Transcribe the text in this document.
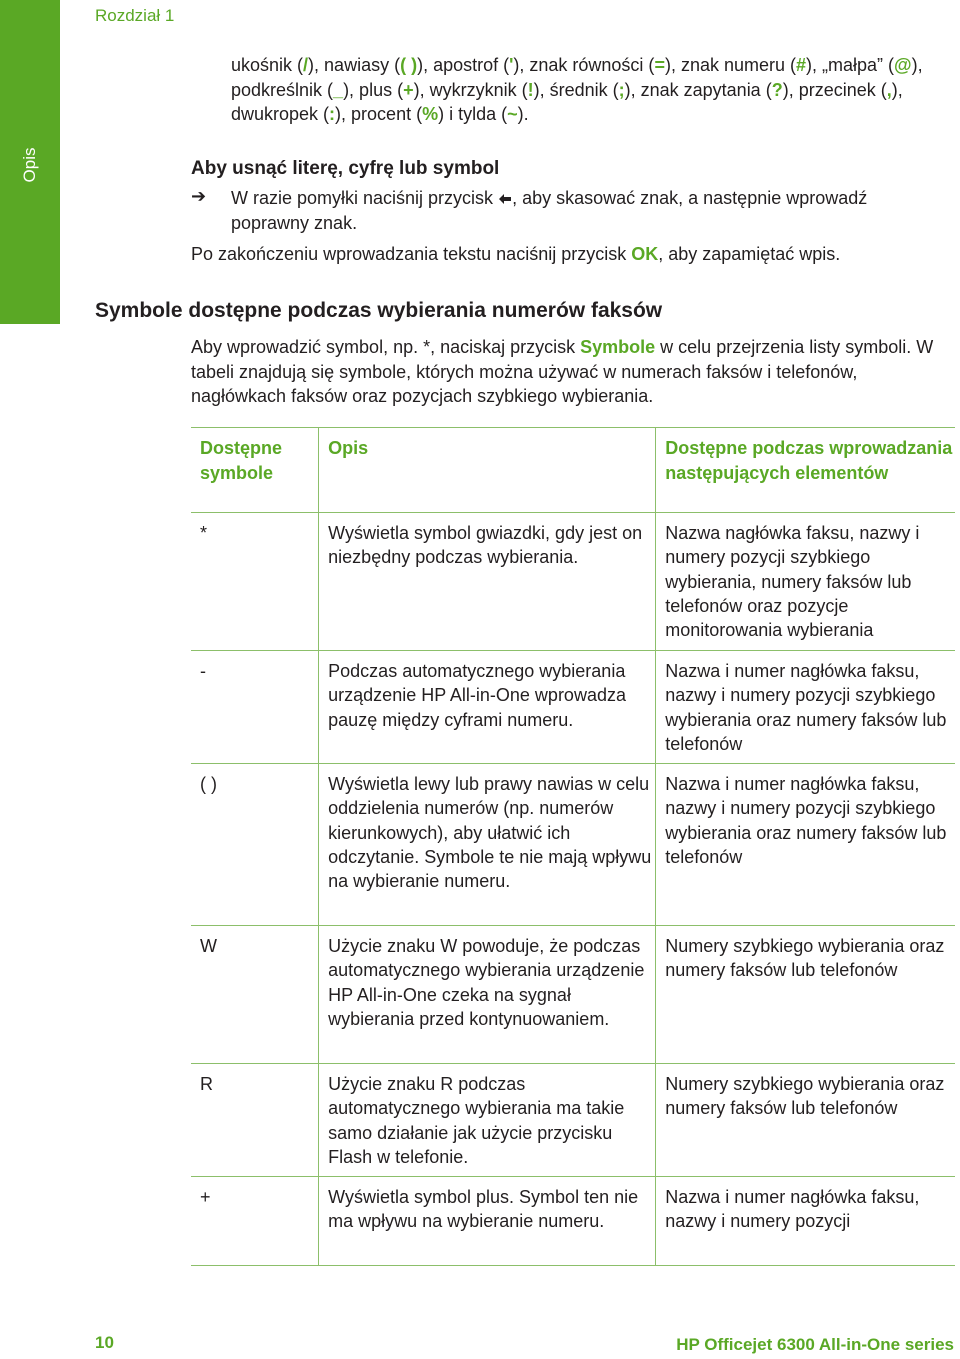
Opis
Rozdział 1

ukośnik (/), nawiasy (( )), apostrof ('), znak równości (=), znak numeru (#), „małpa” (@), podkreślnik (_), plus (+), wykrzyknik (!), średnik (;), znak zapytania (?), przecinek (,), dwukropek (:), procent (%) i tylda (~).

Aby usnąć literę, cyfrę lub symbol
➔ W razie pomyłki naciśnij przycisk , aby skasować znak, a następnie wprowadź poprawny znak.

Po zakończeniu wprowadzania tekstu naciśnij przycisk OK, aby zapamiętać wpis.

Symbole dostępne podczas wybierania numerów faksów

Aby wprowadzić symbol, np. *, naciskaj przycisk Symbole w celu przejrzenia listy symboli. W tabeli znajdują się symbole, których można używać w numerach faksów i telefonów, nagłówkach faksów oraz pozycjach szybkiego wybierania.

Dostępne symbole	Opis	Dostępne podczas wprowadzania następujących elementów
*	Wyświetla symbol gwiazdki, gdy jest on niezbędny podczas wybierania.	Nazwa nagłówka faksu, nazwy i numery pozycji szybkiego wybierania, numery faksów lub telefonów oraz pozycje monitorowania wybierania
-	Podczas automatycznego wybierania urządzenie HP All-in-One wprowadza pauzę między cyframi numeru.	Nazwa i numer nagłówka faksu, nazwy i numery pozycji szybkiego wybierania oraz numery faksów lub telefonów
( )	Wyświetla lewy lub prawy nawias w celu oddzielenia numerów (np. numerów kierunkowych), aby ułatwić ich odczytanie. Symbole te nie mają wpływu na wybieranie numeru.	Nazwa i numer nagłówka faksu, nazwy i numery pozycji szybkiego wybierania oraz numery faksów lub telefonów
W	Użycie znaku W powoduje, że podczas automatycznego wybierania urządzenie HP All-in-One czeka na sygnał wybierania przed kontynuowaniem.	Numery szybkiego wybierania oraz numery faksów lub telefonów
R	Użycie znaku R podczas automatycznego wybierania ma takie samo działanie jak użycie przycisku Flash w telefonie.	Numery szybkiego wybierania oraz numery faksów lub telefonów
+	Wyświetla symbol plus. Symbol ten nie ma wpływu na wybieranie numeru.	Nazwa i numer nagłówka faksu, nazwy i numery pozycji
10	HP Officejet 6300 All-in-One series
